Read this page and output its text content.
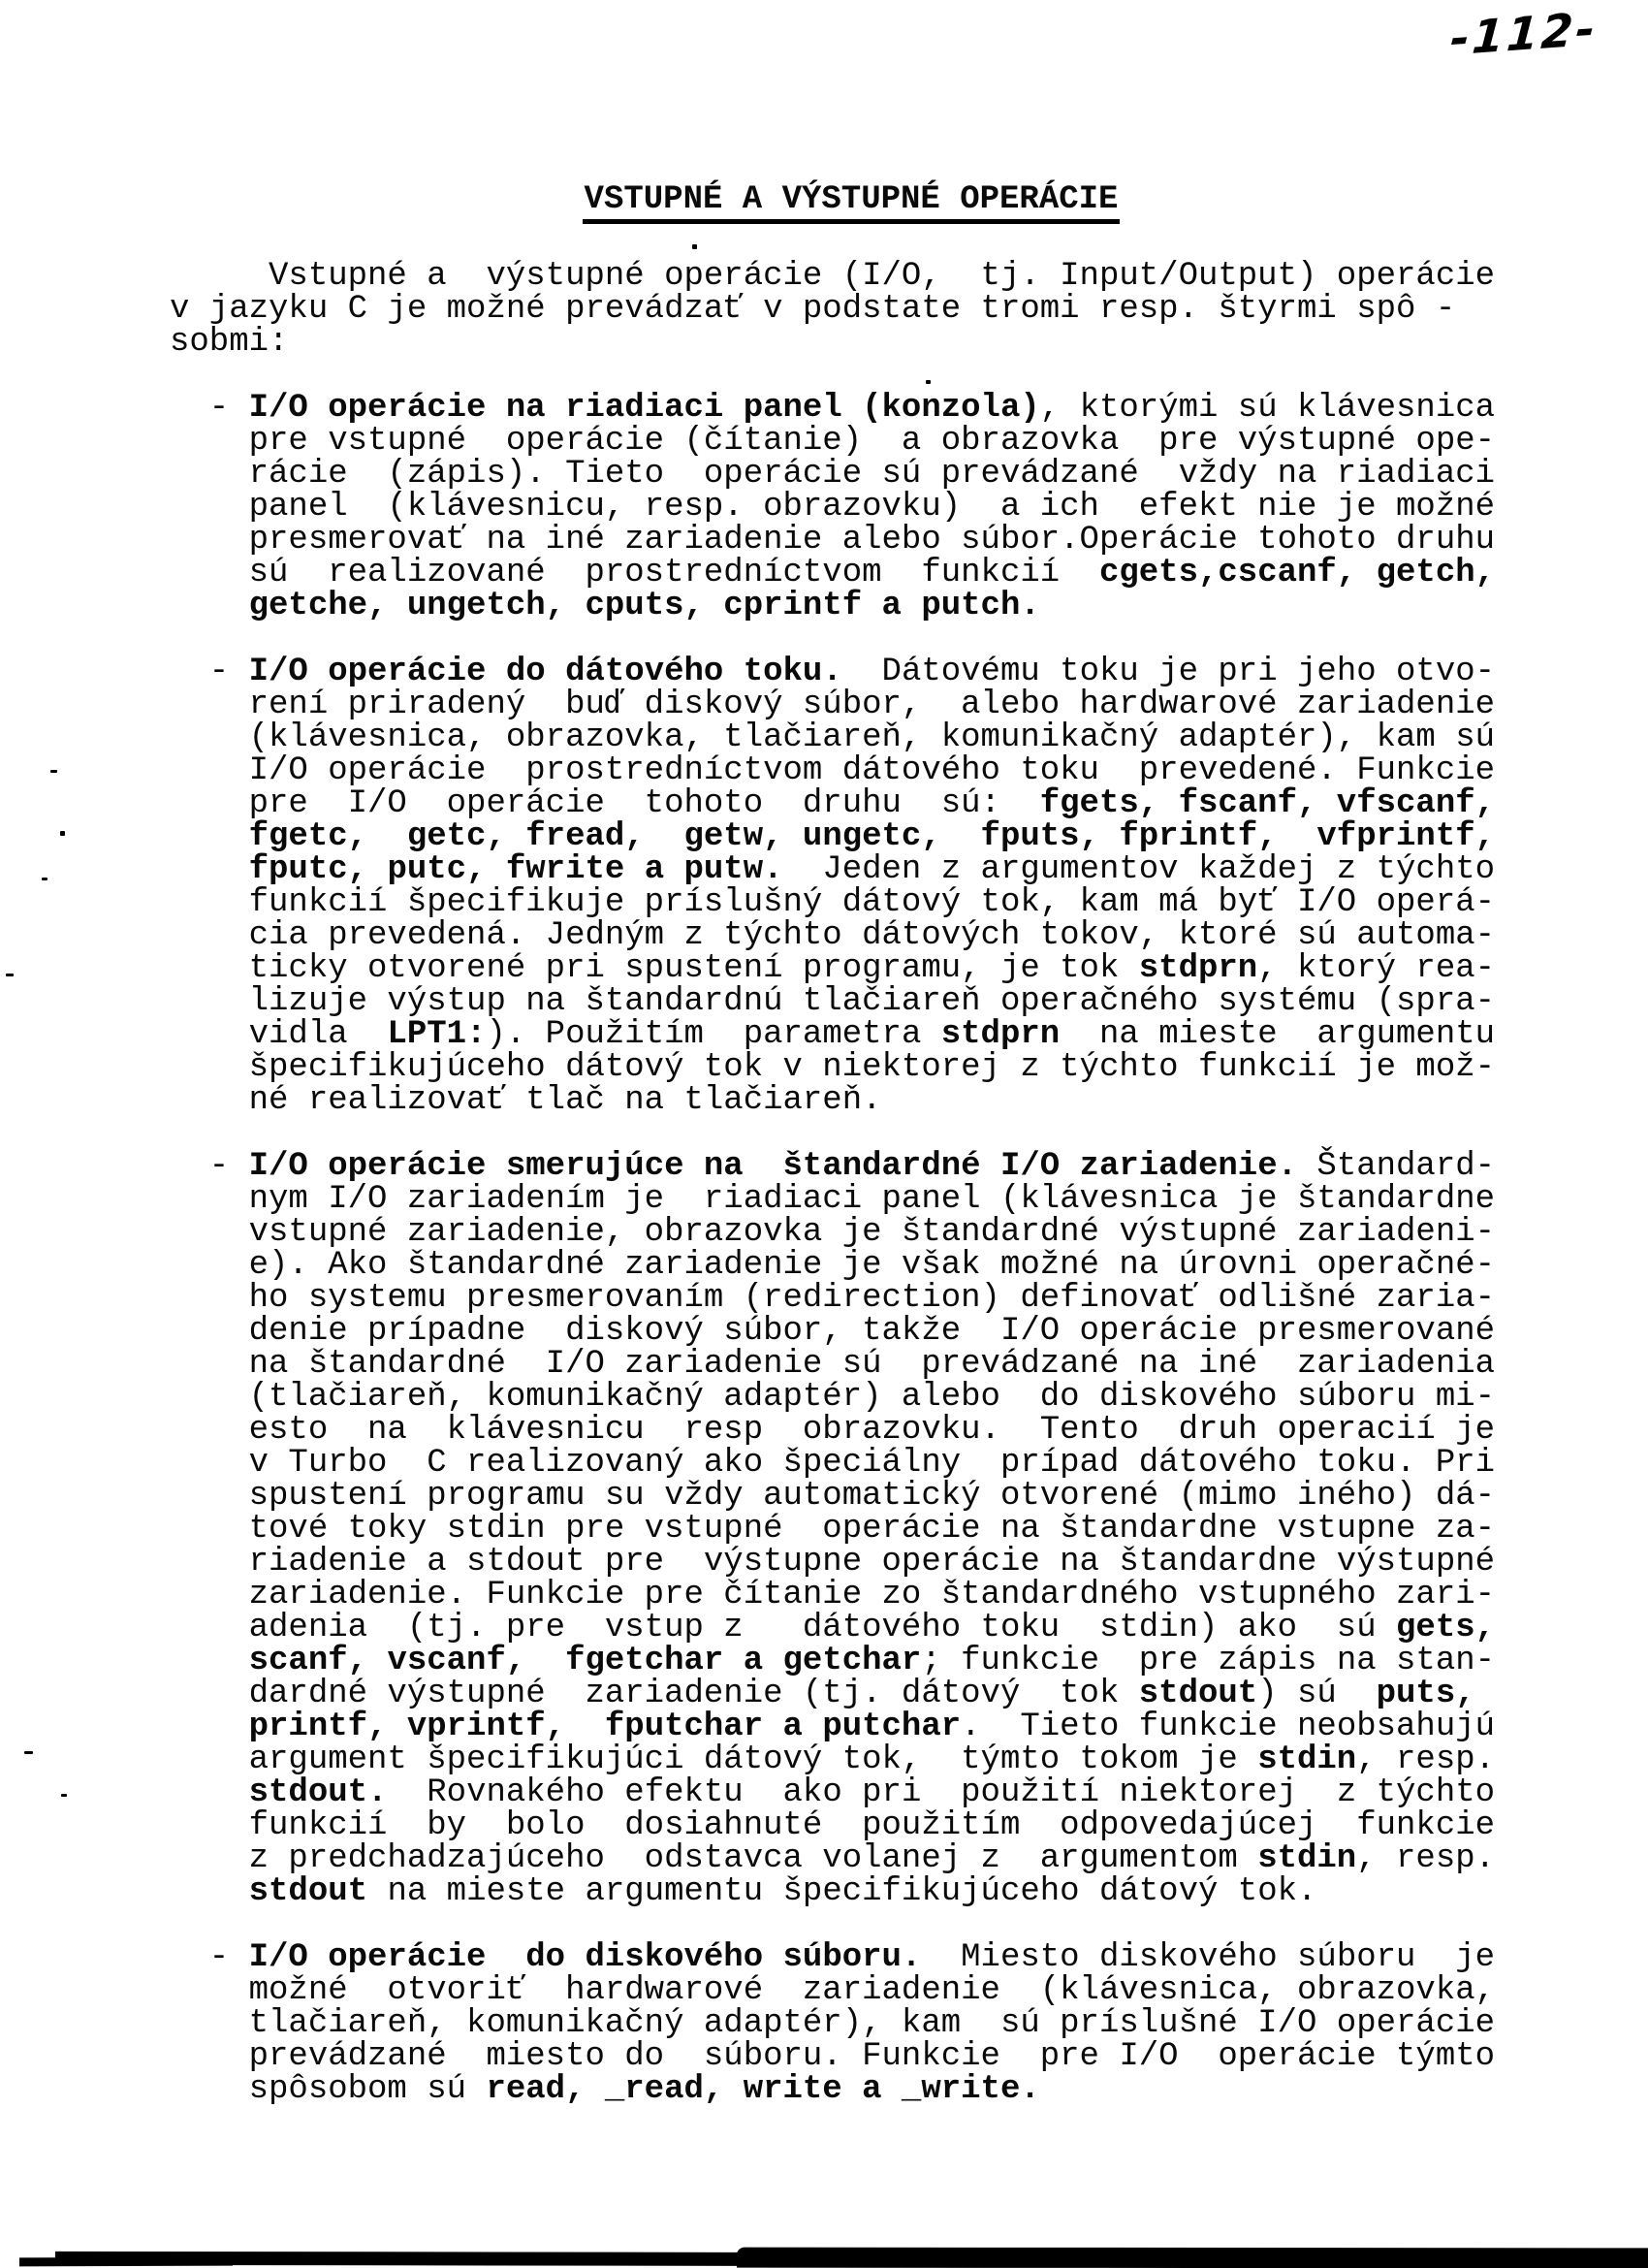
-112-
VSTUPNÉ A VÝSTUPNÉ OPERÁCIE
Vstupné a  výstupné operácie (I/O,  tj. Input/Output) operácie
v jazyku C je možné prevádzať v podstate tromi resp. štyrmi spô -
sobmi:
- I/O operácie na riadiaci panel (konzola), ktorými sú klávesnica
pre vstupné  operácie (čítanie)  a obrazovka  pre výstupné ope-
rácie  (zápis). Tieto  operácie sú prevádzané  vždy na riadiaci
panel  (klávesnicu, resp. obrazovku)  a ich  efekt nie je možné
presmerovať na iné zariadenie alebo súbor.Operácie tohoto druhu
sú  realizované  prostredníctvom  funkcií  cgets,cscanf, getch,
getche, ungetch, cputs, cprintf a putch.
- I/O operácie do dátového toku.  Dátovému toku je pri jeho otvo-
rení priradený  buď diskový súbor,  alebo hardwarové zariadenie
(klávesnica, obrazovka, tlačiareň, komunikačný adaptér), kam sú
I/O operácie  prostredníctvom dátového toku  prevedené. Funkcie
pre  I/O  operácie  tohoto  druhu  sú:  fgets, fscanf, vfscanf,
fgetc,  getc, fread,  getw, ungetc,  fputs, fprintf,  vfprintf,
fputc, putc, fwrite a putw.  Jeden z argumentov každej z týchto
funkcií špecifikuje príslušný dátový tok, kam má byť I/O operá-
cia prevedená. Jedným z týchto dátových tokov, ktoré sú automa-
ticky otvorené pri spustení programu, je tok stdprn, ktorý rea-
lizuje výstup na štandardnú tlačiareň operačného systému (spra-
vidla  LPT1:). Použitím  parametra stdprn  na mieste  argumentu
špecifikujúceho dátový tok v niektorej z týchto funkcií je mož-
né realizovať tlač na tlačiareň.
- I/O operácie smerujúce na  štandardné I/O zariadenie. Štandard-
nym I/O zariadením je  riadiaci panel (klávesnica je štandardne
vstupné zariadenie, obrazovka je štandardné výstupné zariadeni-
e). Ako štandardné zariadenie je však možné na úrovni operačné-
ho systemu presmerovaním (redirection) definovať odlišné zaria-
denie prípadne  diskový súbor, takže  I/O operácie presmerované
na štandardné  I/O zariadenie sú  prevádzané na iné  zariadenia
(tlačiareň, komunikačný adaptér) alebo  do diskového súboru mi-
esto  na  klávesnicu  resp  obrazovku.  Tento  druh operacií je
v Turbo  C realizovaný ako špeciálny  prípad dátového toku. Pri
spustení programu su vždy automatický otvorené (mimo iného) dá-
tové toky stdin pre vstupné  operácie na štandardne vstupne za-
riadenie a stdout pre  výstupne operácie na štandardne výstupné
zariadenie. Funkcie pre čítanie zo štandardného vstupného zari-
adenia  (tj. pre  vstup z   dátového toku  stdin) ako  sú gets,
scanf, vscanf,  fgetchar a getchar; funkcie  pre zápis na stan-
dardné výstupné  zariadenie (tj. dátový  tok stdout) sú  puts,
printf, vprintf,  fputchar a putchar.  Tieto funkcie neobsahujú
argument špecifikujúci dátový tok,  týmto tokom je stdin, resp.
stdout.  Rovnakého efektu  ako pri  použití niektorej  z týchto
funkcií  by  bolo  dosiahnuté  použitím  odpovedajúcej  funkcie
z predchadzajúceho  odstavca volanej z  argumentom stdin, resp.
stdout na mieste argumentu špecifikujúceho dátový tok.
- I/O operácie  do diskového súboru.  Miesto diskového súboru  je
možné  otvoriť  hardwarové  zariadenie  (klávesnica, obrazovka,
tlačiareň, komunikačný adaptér), kam  sú príslušné I/O operácie
prevádzané  miesto do  súboru. Funkcie  pre I/O  operácie týmto
spôsobom sú read, _read, write a _write.
